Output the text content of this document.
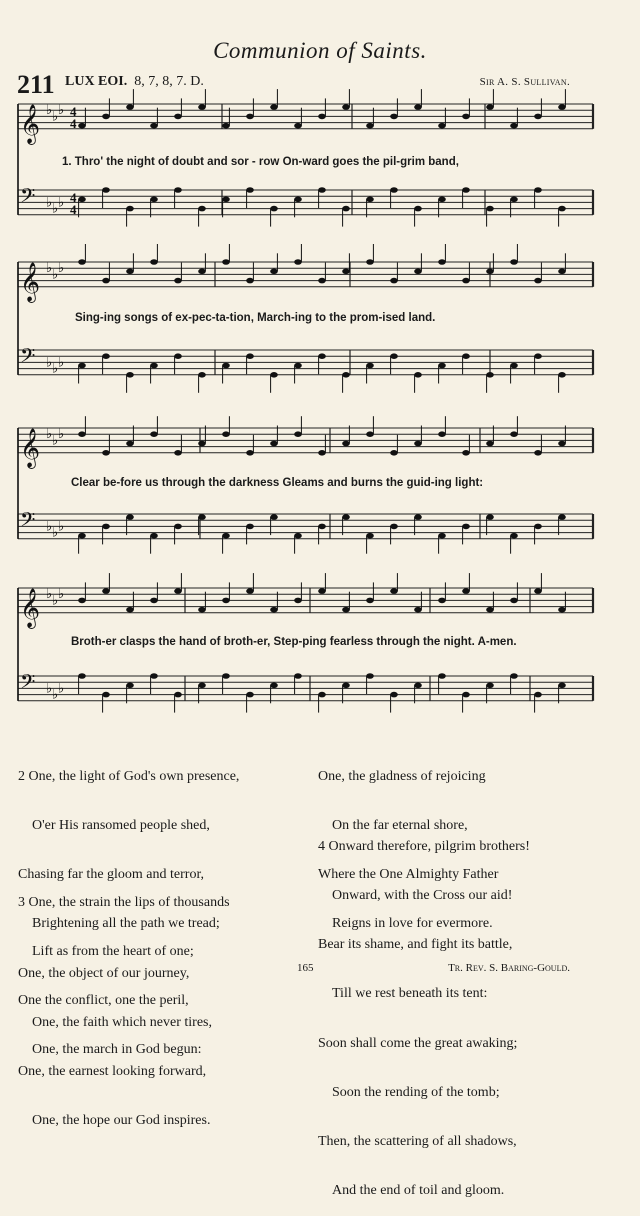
Communion of Saints.
211 LUX EOI. 8, 7, 8, 7. D.	Sir A. S. Sullivan.
𝄞 ♭ ♭ ♭
𝄢 ♭ ♭ ♭
𝄞 ♭ ♭ ♭
𝄢 ♭ ♭ ♭
𝄞 ♭ ♭ ♭
𝄢 ♭ ♭ ♭
𝄞 ♭ ♭ ♭
𝄢 ♭ ♭ ♭
4
4
4
4
1. Thro' the night of doubt and sor - row On-ward goes the pil-grim band,
Sing-ing songs of ex-pec-ta-tion, March-ing to the prom-ised land.
Clear be-fore us through the darkness Gleams and burns the guid-ing light:
Broth-er clasps the hand of broth-er, Step-ping fearless through the night. A-men.

2 One, the light of God's own presence,

O'er His ransomed people shed,

Chasing far the gloom and terror,

Brightening all the path we tread;

One, the object of our journey,

One, the faith which never tires,

One, the earnest looking forward,

One, the hope our God inspires.

3 One, the strain the lips of thousands

Lift as from the heart of one;

One the conflict, one the peril,

One, the march in God begun:

One, the gladness of rejoicing

On the far eternal shore,

Where the One Almighty Father

Reigns in love for evermore.

4 Onward therefore, pilgrim brothers!

Onward, with the Cross our aid!

Bear its shame, and fight its battle,

Till we rest beneath its tent:

Soon shall come the great awaking;

Soon the rending of the tomb;

Then, the scattering of all shadows,

And the end of toil and gloom.

165	Tr. Rev. S. Baring-Gould.
